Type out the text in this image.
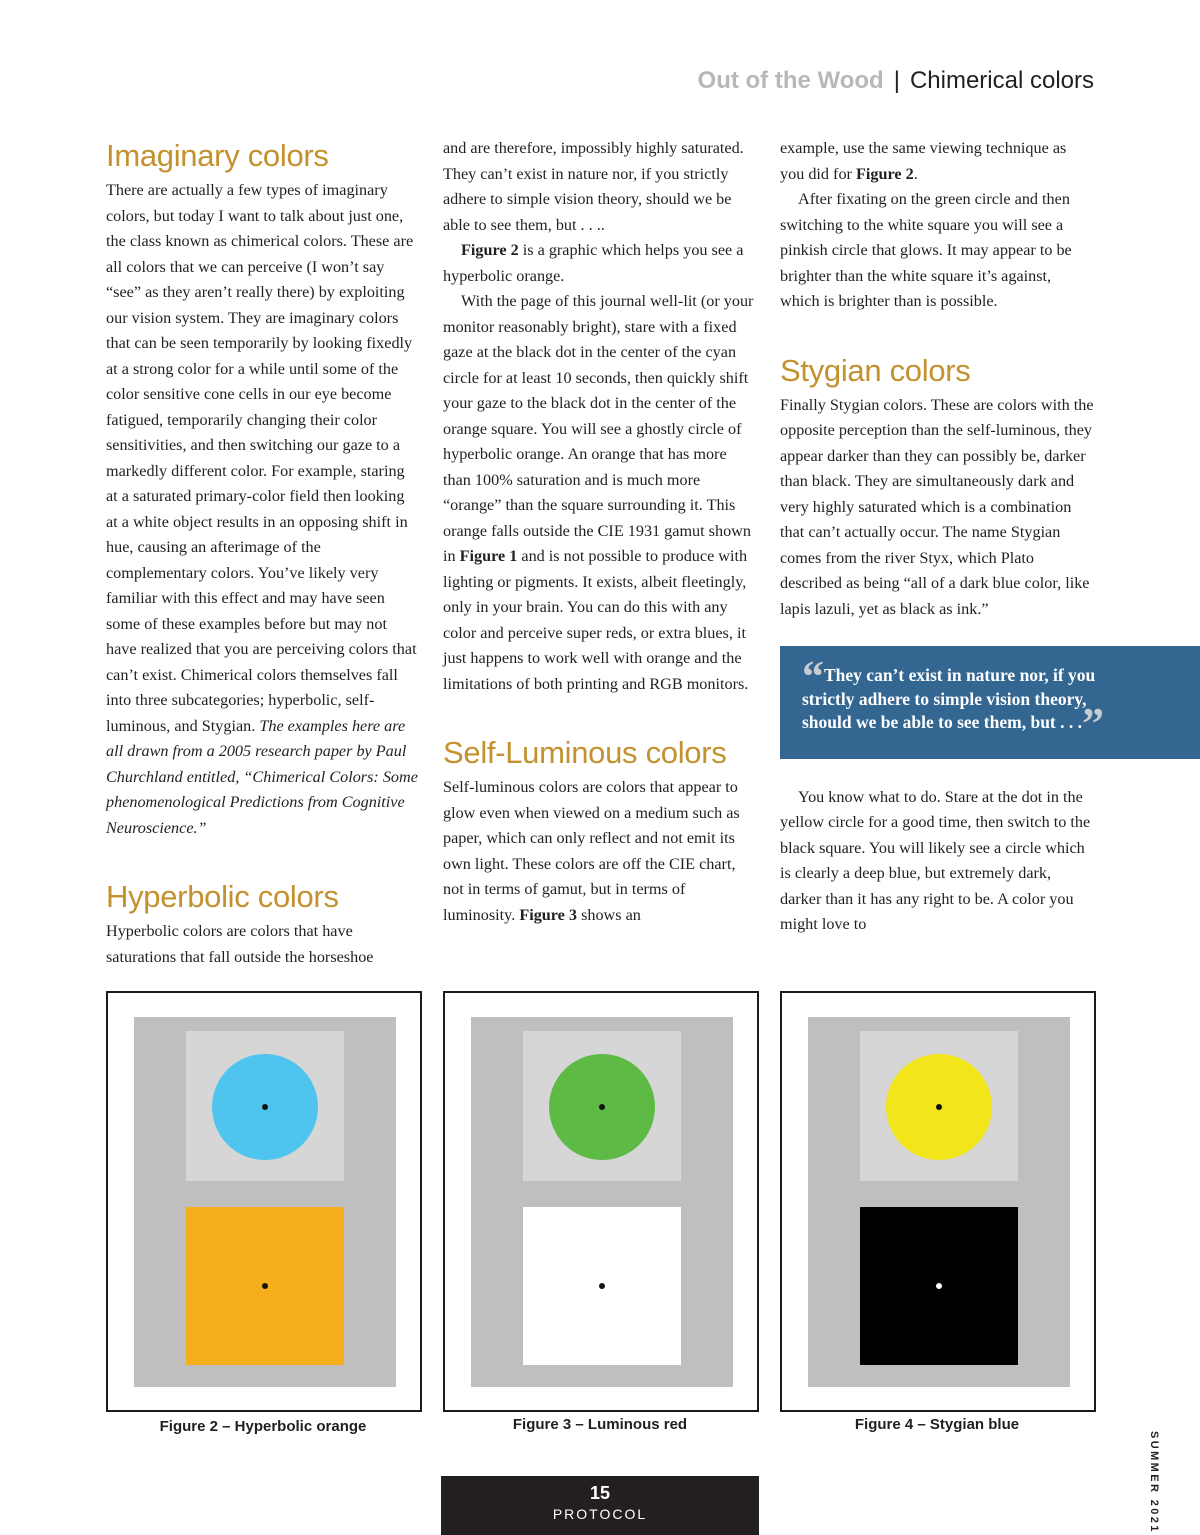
Out of the Wood | Chimerical colors
Imaginary colors

There are actually a few types of imaginary colors, but today I want to talk about just one, the class known as chimerical colors. These are all colors that we can perceive (I won’t say “see” as they aren’t really there) by exploiting our vision system. They are imaginary colors that can be seen temporarily by looking fixedly at a strong color for a while until some of the color sensitive cone cells in our eye become fatigued, temporarily changing their color sensitivities, and then switching our gaze to a markedly different color. For example, staring at a saturated primary-color field then looking at a white object results in an opposing shift in hue, causing an afterimage of the complementary colors. You’ve likely very familiar with this effect and may have seen some of these examples before but may not have realized that you are perceiving colors that can’t exist. Chimerical colors themselves fall into three subcategories; hyperbolic, self-luminous, and Stygian. The examples here are all drawn from a 2005 research paper by Paul Churchland entitled, “Chimerical Colors: Some phenomenological Predictions from Cognitive Neuroscience.”

Hyperbolic colors

Hyperbolic colors are colors that have saturations that fall outside the horseshoe

and are therefore, impossibly highly saturated. They can’t exist in nature nor, if you strictly adhere to simple vision theory, should we be able to see them, but . . ..

Figure 2 is a graphic which helps you see a hyperbolic orange.

With the page of this journal well-lit (or your monitor reasonably bright), stare with a fixed gaze at the black dot in the center of the cyan circle for at least 10 seconds, then quickly shift your gaze to the black dot in the center of the orange square. You will see a ghostly circle of hyperbolic orange. An orange that has more than 100% saturation and is much more “orange” than the square surrounding it. This orange falls outside the CIE 1931 gamut shown in Figure 1 and is not possible to produce with lighting or pigments. It exists, albeit fleetingly, only in your brain. You can do this with any color and perceive super reds, or extra blues, it just happens to work well with orange and the limitations of both printing and RGB monitors.

Self-Luminous colors

Self-luminous colors are colors that appear to glow even when viewed on a medium such as paper, which can only reflect and not emit its own light. These colors are off the CIE chart, not in terms of gamut, but in terms of luminosity. Figure 3 shows an

example, use the same viewing technique as you did for Figure 2.

After fixating on the green circle and then switching to the white square you will see a pinkish circle that glows. It may appear to be brighter than the white square it’s against, which is brighter than is possible.

Stygian colors

Finally Stygian colors. These are colors with the opposite perception than the self-luminous, they appear darker than they can possibly be, darker than black. They are simultaneously dark and very highly saturated which is a combination that can’t actually occur. The name Stygian comes from the river Styx, which Plato described as being “all of a dark blue color, like lapis lazuli, yet as black as ink.”

“They can’t exist in nature nor, if you strictly adhere to simple vision theory, should we be able to see them, but . . .”

You know what to do. Stare at the dot in the yellow circle for a good time, then switch to the black square. You will likely see a circle which is clearly a deep blue, but extremely dark, darker than it has any right to be. A color you might love to

Figure 2 – Hyperbolic orange	Figure 3 – Luminous red	Figure 4 – Stygian blue
15
PROTOCOL	SUMMER 2021
